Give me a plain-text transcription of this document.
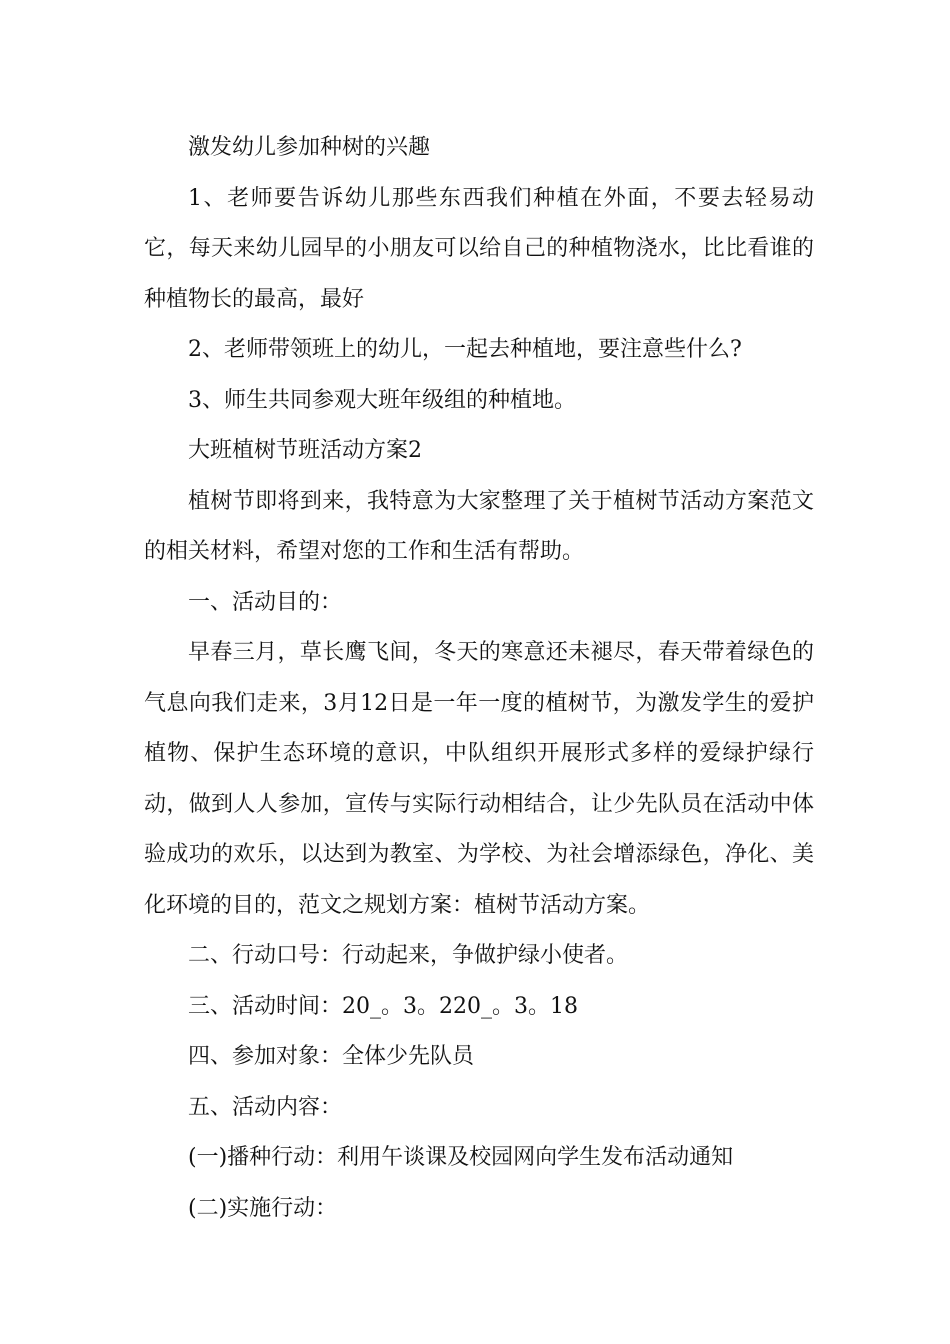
激发幼儿参加种树的兴趣

1、老师要告诉幼儿那些东西我们种植在外面，不要去轻易动它，每天来幼儿园早的小朋友可以给自己的种植物浇水，比比看谁的种植物长的最高，最好

2、老师带领班上的幼儿，一起去种植地，要注意些什么?

3、师生共同参观大班年级组的种植地。

大班植树节班活动方案2

植树节即将到来，我特意为大家整理了关于植树节活动方案范文的相关材料，希望对您的工作和生活有帮助。

一、活动目的：

早春三月，草长鹰飞间，冬天的寒意还未褪尽，春天带着绿色的气息向我们走来，3月12日是一年一度的植树节，为激发学生的爱护植物、保护生态环境的意识，中队组织开展形式多样的爱绿护绿行动，做到人人参加，宣传与实际行动相结合，让少先队员在活动中体验成功的欢乐，以达到为教室、为学校、为社会增添绿色，净化、美化环境的目的，范文之规划方案：植树节活动方案。

二、行动口号：行动起来，争做护绿小使者。

三、活动时间：20_。3。220_。3。18

四、参加对象：全体少先队员

五、活动内容：

(一)播种行动：利用午谈课及校园网向学生发布活动通知

(二)实施行动：
